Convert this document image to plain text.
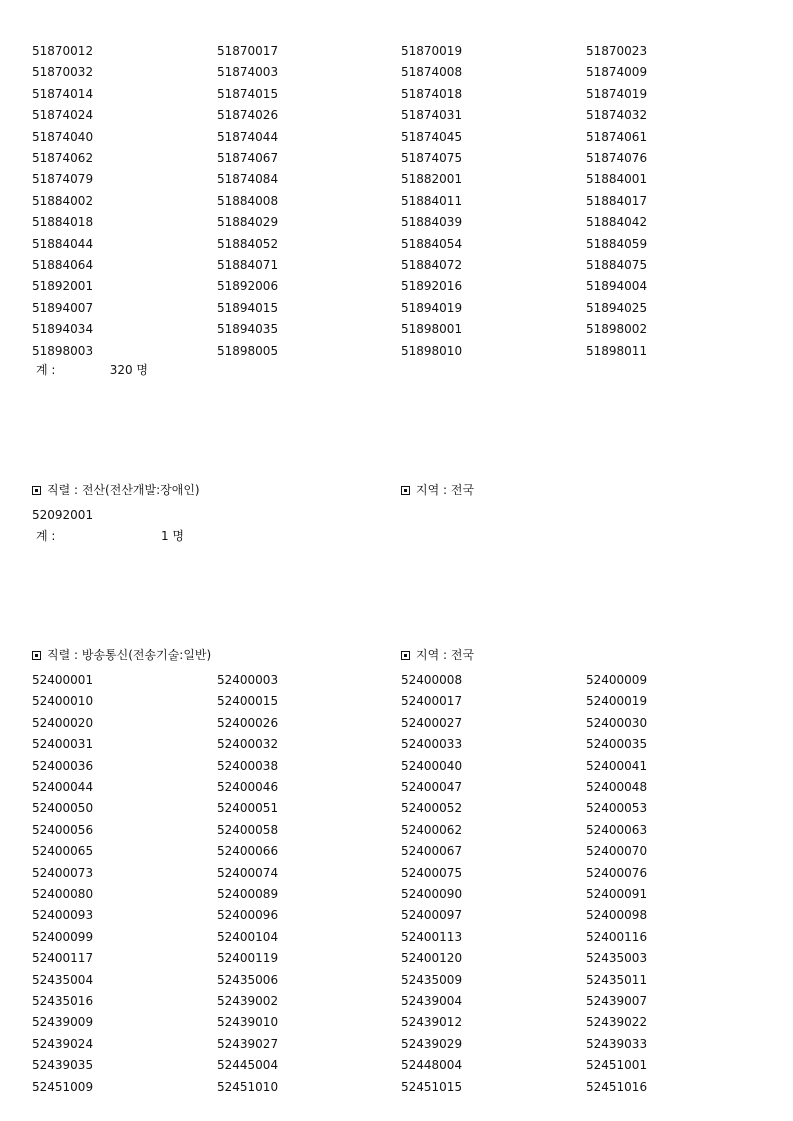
51870012	51870017	51870019	51870023
51870032	51874003	51874008	51874009
51874014	51874015	51874018	51874019
51874024	51874026	51874031	51874032
51874040	51874044	51874045	51874061
51874062	51874067	51874075	51874076
51874079	51874084	51882001	51884001
51884002	51884008	51884011	51884017
51884018	51884029	51884039	51884042
51884044	51884052	51884054	51884059
51884064	51884071	51884072	51884075
51892001	51892006	51892016	51894004
51894007	51894015	51894019	51894025
51894034	51894035	51898001	51898002
51898003	51898005	51898010	51898011
계 :	320 명
직렬 : 전산(전산개발:장애인)	지역 : 전국
52092001
계 :	1 명
직렬 : 방송통신(전송기술:일반)	지역 : 전국
52400001	52400003	52400008	52400009
52400010	52400015	52400017	52400019
52400020	52400026	52400027	52400030
52400031	52400032	52400033	52400035
52400036	52400038	52400040	52400041
52400044	52400046	52400047	52400048
52400050	52400051	52400052	52400053
52400056	52400058	52400062	52400063
52400065	52400066	52400067	52400070
52400073	52400074	52400075	52400076
52400080	52400089	52400090	52400091
52400093	52400096	52400097	52400098
52400099	52400104	52400113	52400116
52400117	52400119	52400120	52435003
52435004	52435006	52435009	52435011
52435016	52439002	52439004	52439007
52439009	52439010	52439012	52439022
52439024	52439027	52439029	52439033
52439035	52445004	52448004	52451001
52451009	52451010	52451015	52451016
